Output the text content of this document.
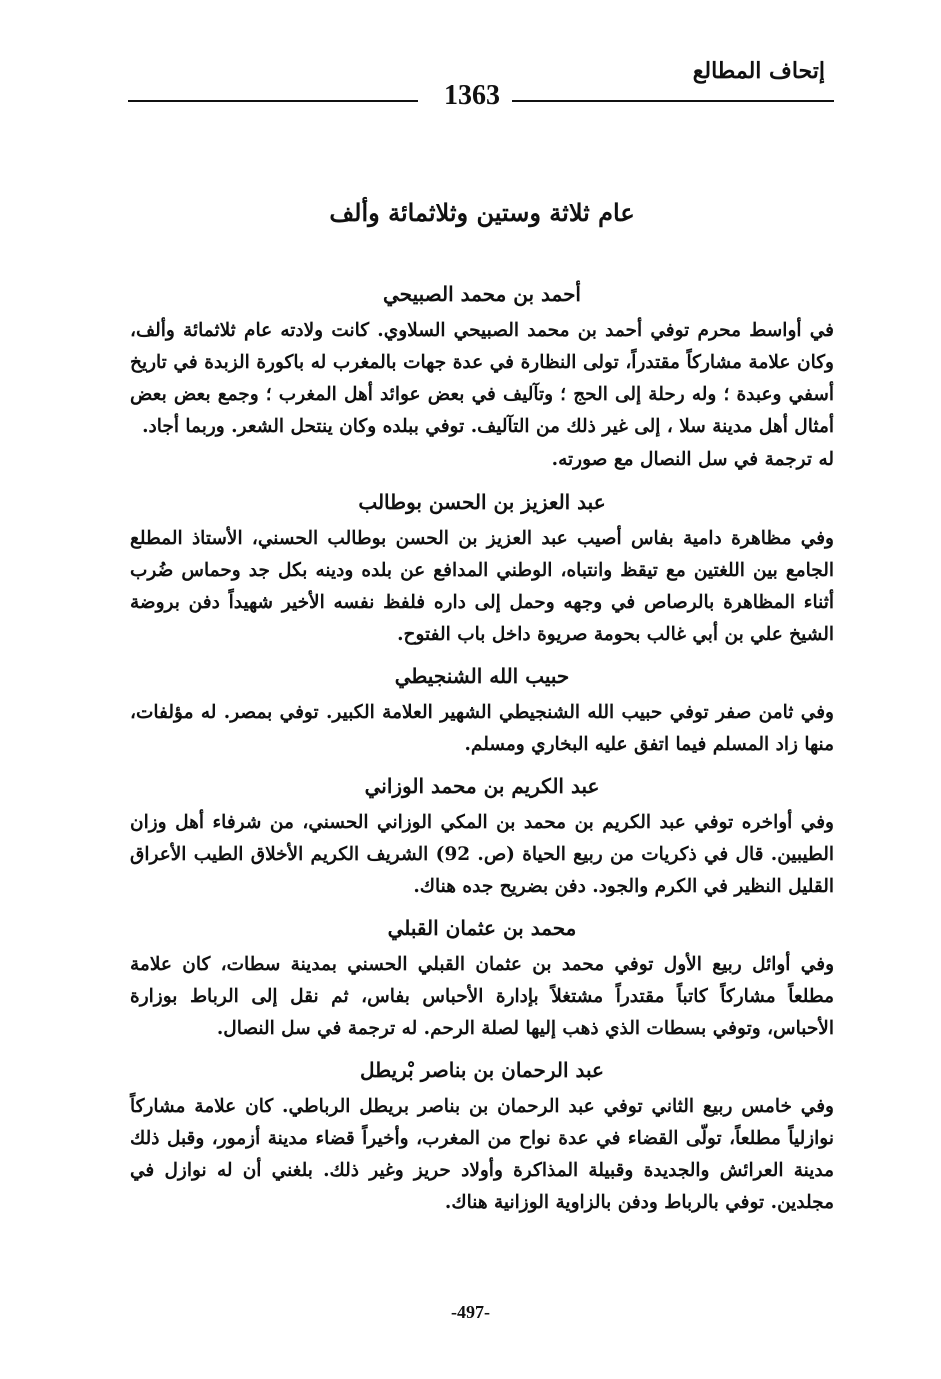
إتحاف المطالع
1363
عام ثلاثة وستين وثلاثمائة وألف
أحمد بن محمد الصبيحي

في أواسط محرم توفي أحمد بن محمد الصبيحي السلاوي. كانت ولادته عام ثلاثمائة وألف، وكان علامة مشاركاً مقتدراً، تولى النظارة في عدة جهات بالمغرب له باكورة الزبدة في تاريخ أسفي وعبدة ؛ وله رحلة إلى الحج ؛ وتآليف في بعض عوائد أهل المغرب ؛ وجمع بعض بعض أمثال أهل مدينة سلا ، إلى غير ذلك من التآليف. توفي ببلده وكان ينتحل الشعر. وربما أجاد.

له ترجمة في سل النصال مع صورته.

عبد العزيز بن الحسن بوطالب

وفي مظاهرة دامية بفاس أصيب عبد العزيز بن الحسن بوطالب الحسني، الأستاذ المطلع الجامع بين اللغتين مع تيقظ وانتباه، الوطني المدافع عن بلده ودينه بكل جد وحماس ضُرب أثناء المظاهرة بالرصاص في وجهه وحمل إلى داره فلفظ نفسه الأخير شهيداً دفن بروضة الشيخ علي بن أبي غالب بحومة صريوة داخل باب الفتوح.

حبيب الله الشنجيطي

وفي ثامن صفر توفي حبيب الله الشنجيطي الشهير العلامة الكبير. توفي بمصر. له مؤلفات، منها زاد المسلم فيما اتفق عليه البخاري ومسلم.

عبد الكريم بن محمد الوزاني

وفي أواخره توفي عبد الكريم بن محمد بن المكي الوزاني الحسني، من شرفاء أهل وزان الطيبين. قال في ذكريات من ربيع الحياة (ص. 92) الشريف الكريم الأخلاق الطيب الأعراق القليل النظير في الكرم والجود. دفن بضريح جده هناك.

محمد بن عثمان القبلي

وفي أوائل ربيع الأول توفي محمد بن عثمان القبلي الحسني بمدينة سطات، كان علامة مطلعاً مشاركاً كاتباً مقتدراً مشتغلاً بإدارة الأحباس بفاس، ثم نقل إلى الرباط بوزارة الأحباس، وتوفي بسطات الذي ذهب إليها لصلة الرحم. له ترجمة في سل النصال.

عبد الرحمان بن بناصر بْريطل

وفي خامس ربيع الثاني توفي عبد الرحمان بن بناصر بريطل الرباطي. كان علامة مشاركاً نوازلياً مطلعاً، تولّى القضاء في عدة نواح من المغرب، وأخيراً قضاء مدينة أزمور، وقبل ذلك مدينة العرائش والجديدة وقبيلة المذاكرة وأولاد حريز وغير ذلك. بلغني أن له نوازل في مجلدين. توفي بالرباط ودفن بالزاوية الوزانية هناك.

-497-
